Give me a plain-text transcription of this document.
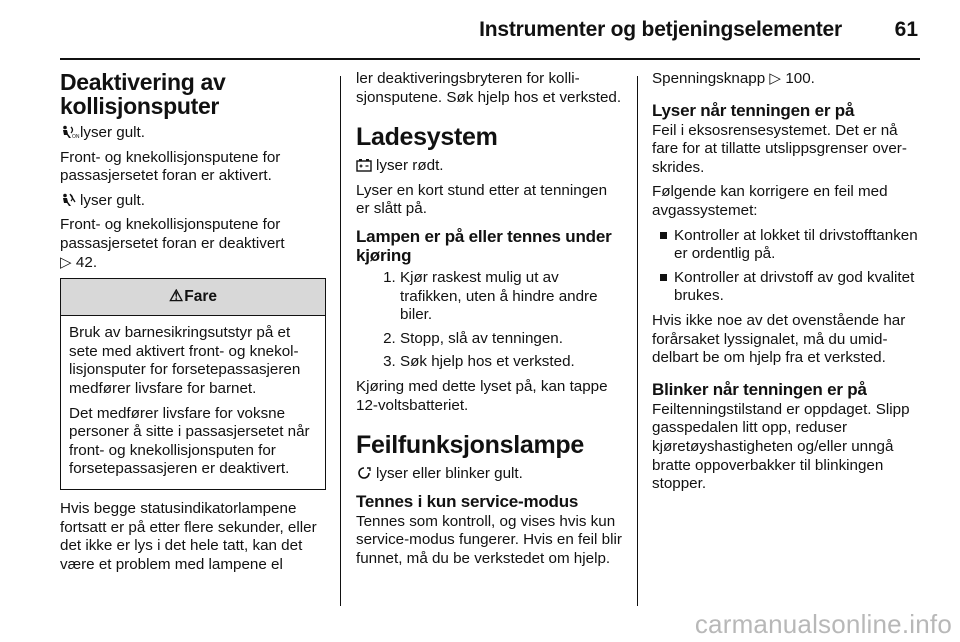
Instrumenter og betjeningselementer	61
Deaktivering av kollisjonsputer

ON lyser gult.

Front- og knekollisjonsputene for passasjersetet foran er aktivert.

lyser gult.

Front- og knekollisjonsputene for passasjersetet foran er deaktivert
▷ 42.

⚠ Fare

Bruk av barnesikringsutstyr på et sete med aktivert front- og knekollisjonsputer for forsetepassasjeren medfører livsfare for barnet.

Det medfører livsfare for voksne personer å sitte i passasjersetet når front- og knekollisjonsputen for forsetepassasjeren er deaktivert.

Hvis begge statusindikatorlampene fortsatt er på etter flere sekunder, eller det ikke er lys i det hele tatt, kan det være et problem med lampene el

ler deaktiveringsbryteren for kollisjonsputene. Søk hjelp hos et verksted.

Ladesystem

lyser rødt.

Lyser en kort stund etter at tenningen er slått på.

Lampen er på eller tennes under kjøring
1. Kjør raskest mulig ut av trafikken, uten å hindre andre biler.
2. Stopp, slå av tenningen.
3. Søk hjelp hos et verksted.

Kjøring med dette lyset på, kan tappe 12-voltsbatteriet.

Feilfunksjonslampe

lyser eller blinker gult.

Tennes i kun service-modus

Tennes som kontroll, og vises hvis kun service-modus fungerer. Hvis en feil blir funnet, må du be verkstedet om hjelp.

Spenningsknapp ▷ 100.

Lyser når tenningen er på

Feil i eksosrensesystemet. Det er nå fare for at tillatte utslippsgrenser overskrides.

Følgende kan korrigere en feil med avgassystemet:

Kontroller at lokket til drivstofftanken er ordentlig på.
Kontroller at drivstoff av god kvalitet brukes.

Hvis ikke noe av det ovenstående har forårsaket lyssignalet, må du umiddelbart be om hjelp fra et verksted.

Blinker når tenningen er på

Feiltenningstilstand er oppdaget. Slipp gasspedalen litt opp, reduser kjøretøyshastigheten og/eller unngå bratte oppoverbakker til blinkingen stopper.

carmanualsonline.info
